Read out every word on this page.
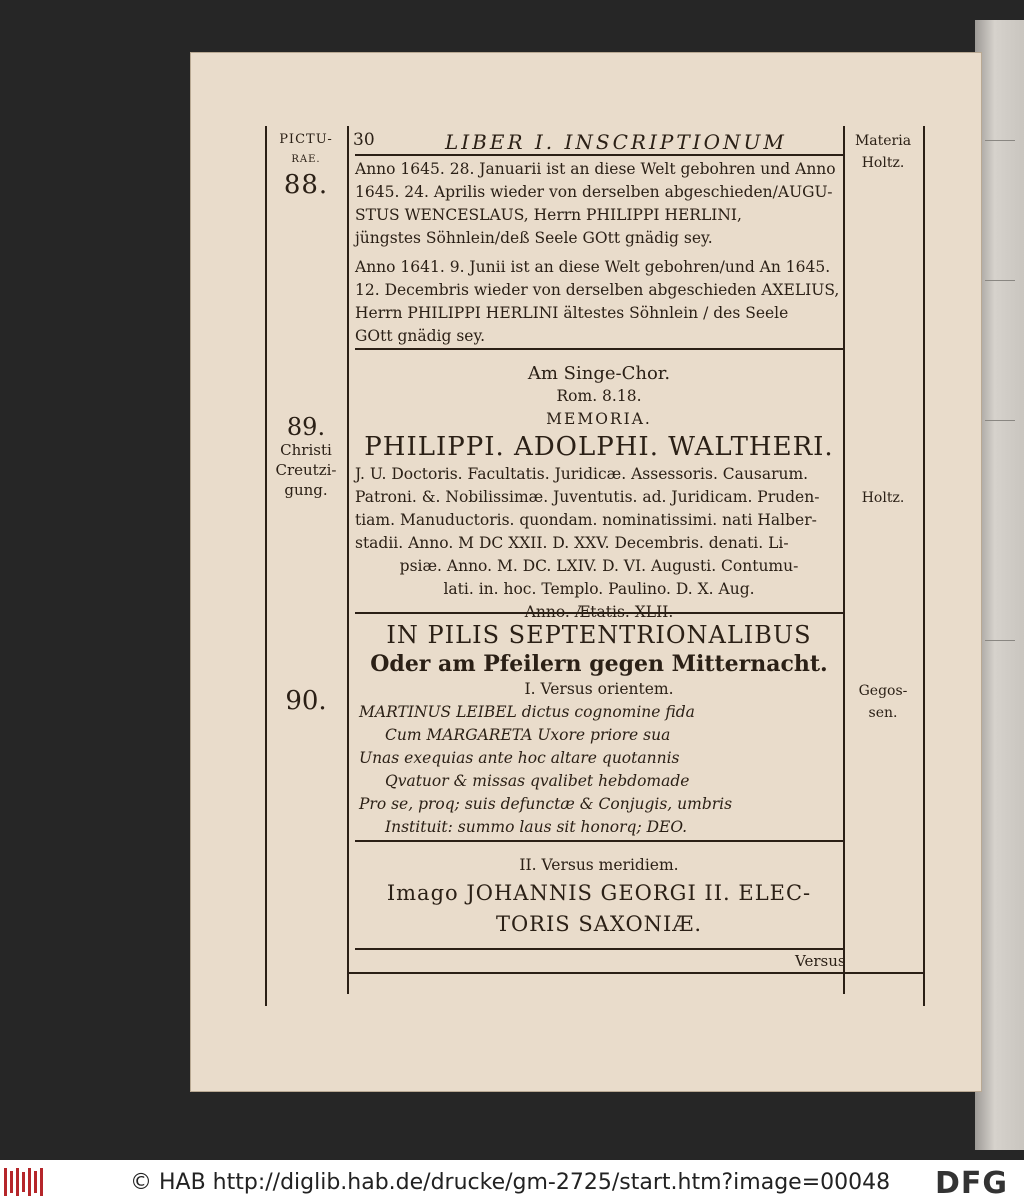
30	LIBER I. INSCRIPTIONUM
PICTU-
RAE.
88.
89.
Christi
Creutzi-
gung.
90.
Materia
Holtz.
Holtz.
Gegos-
sen.
Anno 1645. 28. Januarii ist an diese Welt gebohren und Anno
1645. 24. Aprilis wieder von derselben abgeschieden/AUGU-
STUS WENCESLAUS, Herrn PHILIPPI HERLINI,
jüngstes Söhnlein/deß Seele GOtt gnädig sey.
Anno 1641. 9. Junii ist an diese Welt gebohren/und An 1645.
12. Decembris wieder von derselben abgeschieden AXELIUS,
Herrn PHILIPPI HERLINI ältestes Söhnlein / des Seele
GOtt gnädig sey.
Am Singe-Chor.
Rom. 8.18.
MEMORIA.
PHILIPPI. ADOLPHI. WALTHERI.
J. U. Doctoris. Facultatis. Juridicæ. Assessoris. Causarum.
Patroni. &. Nobilissimæ. Juventutis. ad. Juridicam. Pruden-
tiam. Manuductoris. quondam. nominatissimi. nati Halber-
stadii. Anno. M DC XXII. D. XXV. Decembris. denati. Li-
psiæ. Anno. M. DC. LXIV. D. VI. Augusti. Contumu-
lati. in. hoc. Templo. Paulino. D. X. Aug.
Anno. Ætatis. XLII.
IN PILIS SEPTENTRIONALIBUS
Oder am Pfeilern gegen Mitternacht.
I. Versus orientem.
MARTINUS LEIBEL dictus cognomine fida
Cum MARGARETA Uxore priore sua
Unas exequias ante hoc altare quotannis
Qvatuor & missas qvalibet hebdomade
Pro se, proq; suis defunctæ & Conjugis, umbris
Instituit: summo laus sit honorq; DEO.
II. Versus meridiem.
Imago JOHANNIS GEORGI II. ELEC-
TORIS SAXONIÆ.
Versus
© HAB http://diglib.hab.de/drucke/gm-2725/start.htm?image=00048 DFG
